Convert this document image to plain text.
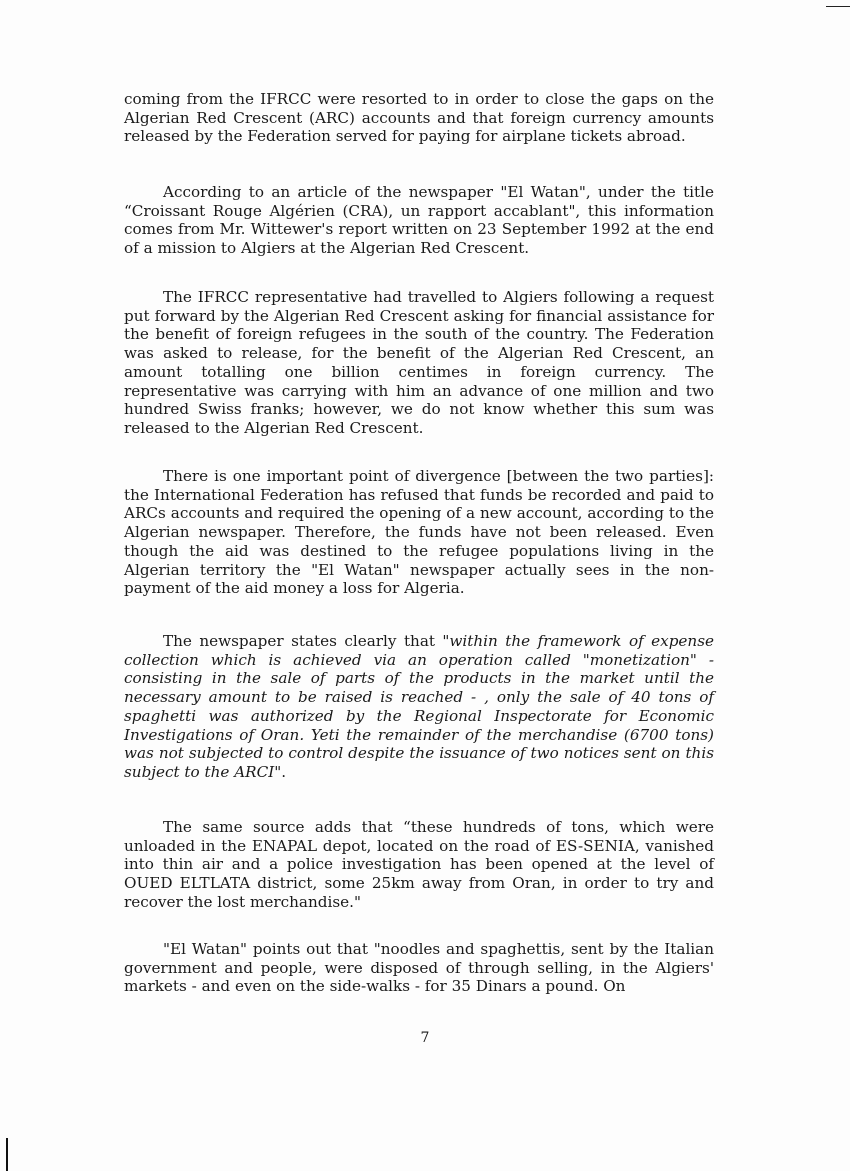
coming from the IFRCC were resorted to in order to close the gaps on the Algerian Red Crescent (ARC) accounts and that foreign currency amounts released by the Federation served for paying for airplane tickets abroad.

According to an article of the newspaper "El Watan", under the title “Croissant Rouge Algérien (CRA), un rapport accablant", this information comes from Mr. Wittewer's report written on 23 September 1992 at the end of a mission to Algiers at the Algerian Red Crescent.

The IFRCC representative had travelled to Algiers following a request put forward by the Algerian Red Crescent asking for financial assistance for the benefit of foreign refugees in the south of the country. The Federation was asked to release, for the benefit of the Algerian Red Crescent, an amount totalling one billion centimes in foreign currency. The representative was carrying with him an advance of one million and two hundred Swiss franks; however, we do not know whether this sum was released to the Algerian Red Crescent.

There is one important point of divergence [between the two parties]: the International Federation has refused that funds be recorded and paid to ARCs accounts and required the opening of a new account, according to the Algerian newspaper. Therefore, the funds have not been released. Even though the aid was destined to the refugee populations living in the Algerian territory the "El Watan" newspaper actually sees in the non-payment of the aid money a loss for Algeria.

The newspaper states clearly that "within the framework of expense collection which is achieved via an operation called "monetization" - consisting in the sale of parts of the products in the market until the necessary amount to be raised is reached - , only the sale of 40 tons of spaghetti was authorized by the Regional Inspectorate for Economic Investigations of Oran. Yeti the remainder of the merchandise (6700 tons) was not subjected to control despite the issuance of two notices sent on this subject to the ARCI".

The same source adds that “these hundreds of tons, which were unloaded in the ENAPAL depot, located on the road of ES-SENIA, vanished into thin air and a police investigation has been opened at the level of OUED ELTLATA district, some 25km away from Oran, in order to try and recover the lost merchandise."

"El Watan" points out that "noodles and spaghettis, sent by the Italian government and people, were disposed of through selling, in the Algiers' markets - and even on the side-walks - for 35 Dinars a pound. On

7
